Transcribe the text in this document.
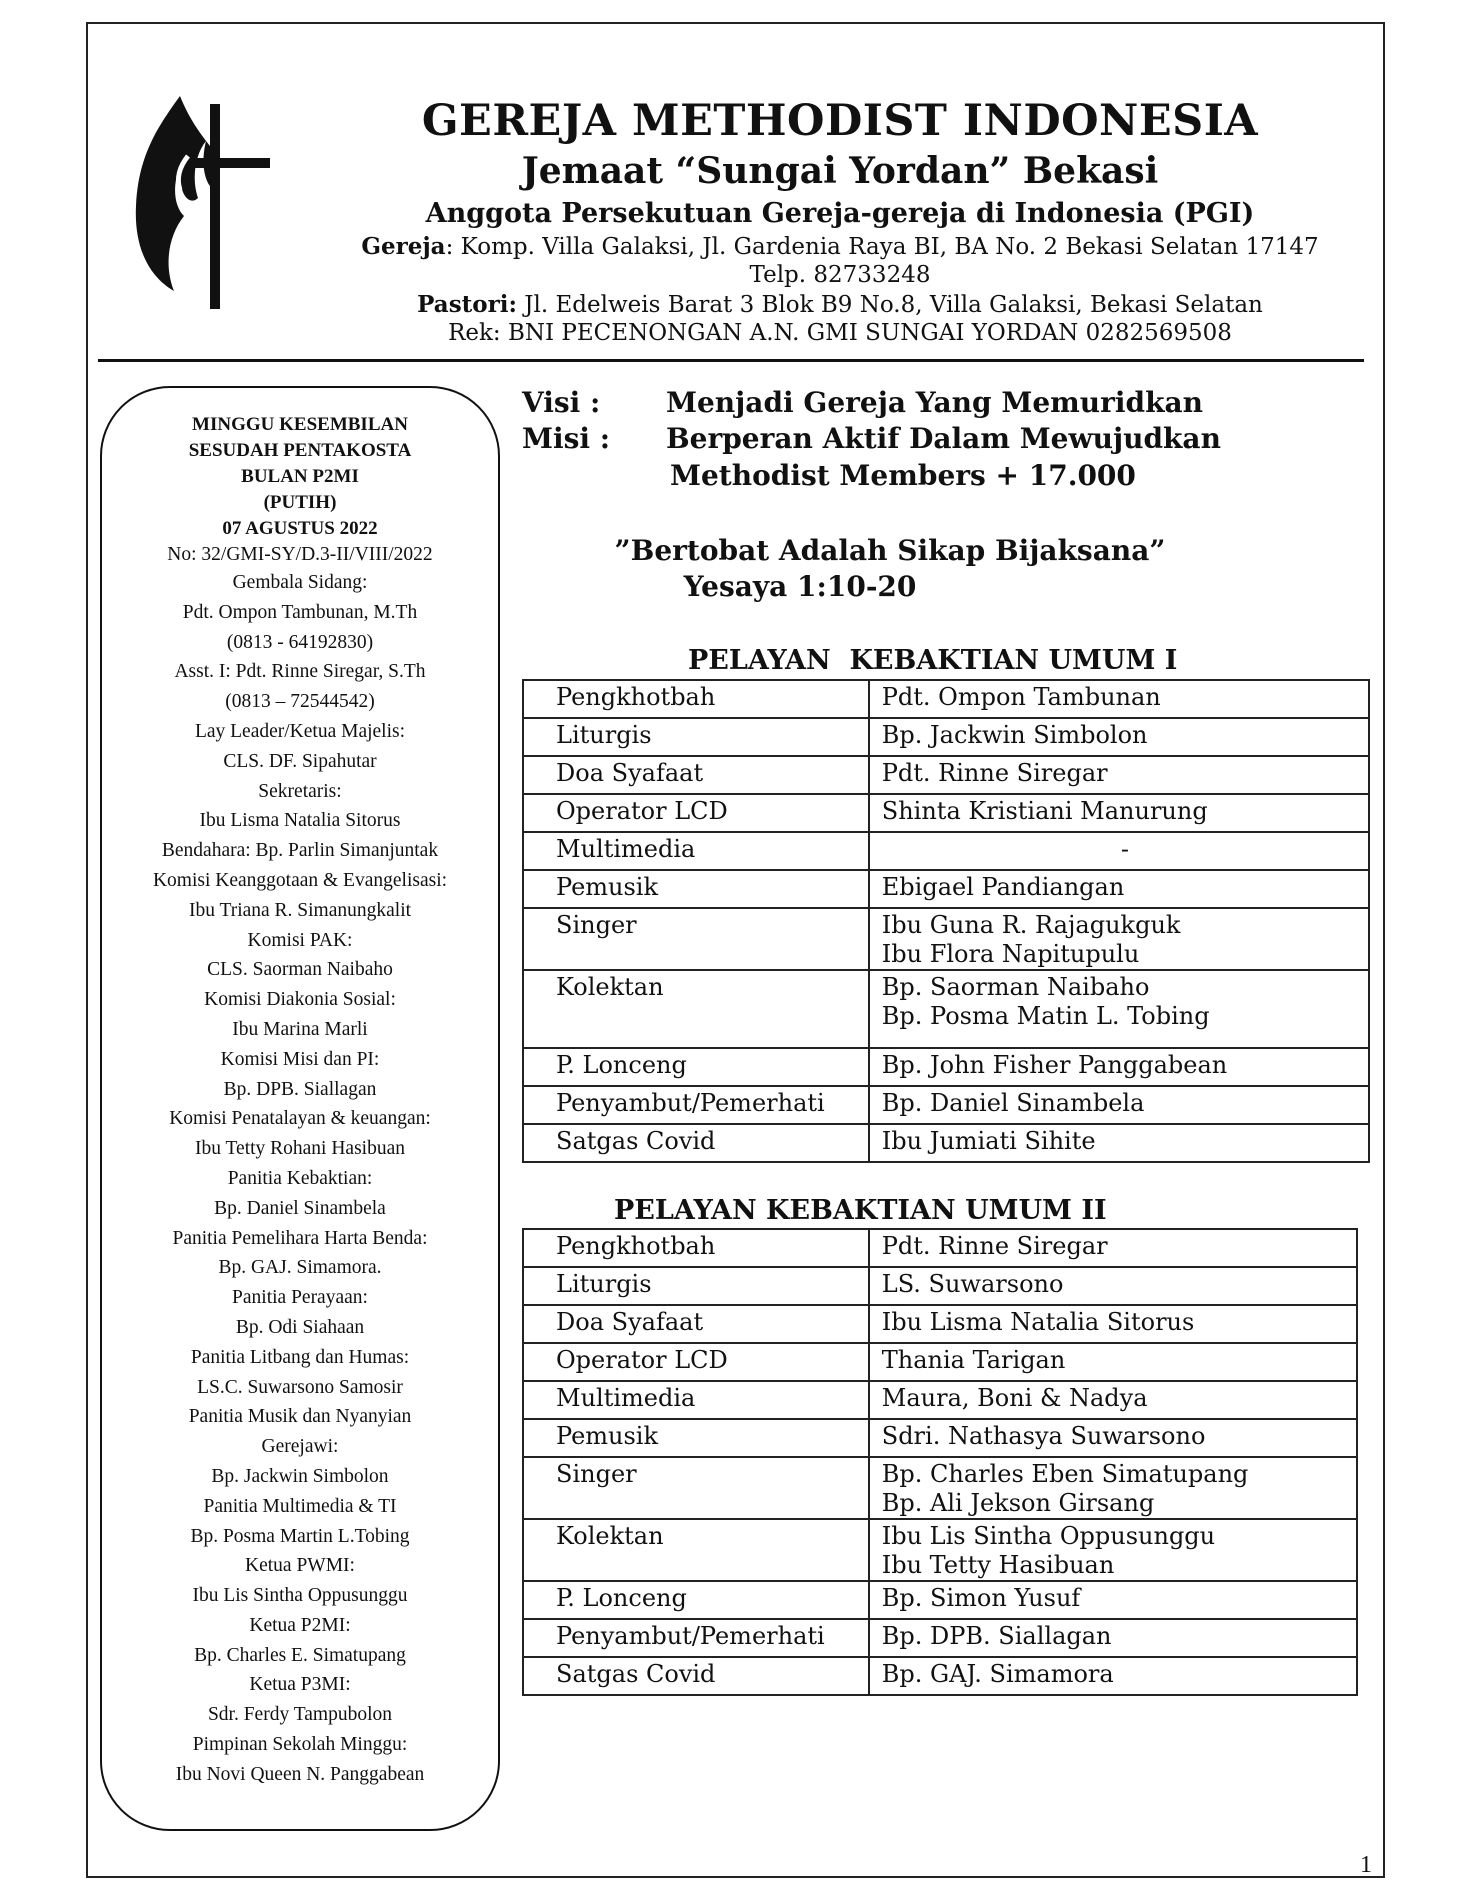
GEREJA METHODIST INDONESIA
Jemaat “Sungai Yordan” Bekasi
Anggota Persekutuan Gereja-gereja di Indonesia (PGI)
Gereja: Komp. Villa Galaksi, Jl. Gardenia Raya BI, BA No. 2 Bekasi Selatan 17147
Telp. 82733248
Pastori: Jl. Edelweis Barat 3 Blok B9 No.8, Villa Galaksi, Bekasi Selatan
Rek: BNI PECENONGAN A.N. GMI SUNGAI YORDAN 0282569508
MINGGU KESEMBILAN
SESUDAH PENTAKOSTA
BULAN P2MI
(PUTIH)
07 AGUSTUS 2022
No: 32/GMI-SY/D.3-II/VIII/2022
Gembala Sidang:
Pdt. Ompon Tambunan, M.Th
(0813 - 64192830)
Asst. I: Pdt. Rinne Siregar, S.Th
(0813 – 72544542)
Lay Leader/Ketua Majelis:
CLS. DF. Sipahutar
Sekretaris:
Ibu Lisma Natalia Sitorus
Bendahara: Bp. Parlin Simanjuntak
Komisi Keanggotaan & Evangelisasi:
Ibu Triana R. Simanungkalit
Komisi PAK:
CLS. Saorman Naibaho
Komisi Diakonia Sosial:
Ibu Marina Marli
Komisi Misi dan PI:
Bp. DPB. Siallagan
Komisi Penatalayan & keuangan:
Ibu Tetty Rohani Hasibuan
Panitia Kebaktian:
Bp. Daniel Sinambela
Panitia Pemelihara Harta Benda:
Bp. GAJ. Simamora.
Panitia Perayaan:
Bp. Odi Siahaan
Panitia Litbang dan Humas:
LS.C. Suwarsono Samosir
Panitia Musik dan Nyanyian
Gerejawi:
Bp. Jackwin Simbolon
Panitia Multimedia & TI
Bp. Posma Martin L.Tobing
Ketua PWMI:
Ibu Lis Sintha Oppusunggu
Ketua P2MI:
Bp. Charles E. Simatupang
Ketua P3MI:
Sdr. Ferdy Tampubolon
Pimpinan Sekolah Minggu:
Ibu Novi Queen N. Panggabean
Visi : Menjadi Gereja Yang Memuridkan
Misi : Berperan Aktif Dalam Mewujudkan
Methodist Members + 17.000
”Bertobat Adalah Sikap Bijaksana”
Yesaya 1:10-20
PELAYAN  KEBAKTIAN UMUM I
Pengkhotbah	Pdt. Ompon Tambunan

Liturgis	Bp. Jackwin Simbolon

Doa Syafaat	Pdt. Rinne Siregar

Operator LCD	Shinta Kristiani Manurung

Multimedia	-

Pemusik	Ebigael Pandiangan

Singer	Ibu Guna R. Rajagukguk
Ibu Flora Napitupulu

Kolektan	Bp. Saorman Naibaho
Bp. Posma Matin L. Tobing

P. Lonceng	Bp. John Fisher Panggabean

Penyambut/Pemerhati	Bp. Daniel Sinambela

Satgas Covid	Ibu Jumiati Sihite
PELAYAN KEBAKTIAN UMUM II
Pengkhotbah	Pdt. Rinne Siregar

Liturgis	LS. Suwarsono

Doa Syafaat	Ibu Lisma Natalia Sitorus

Operator LCD	Thania Tarigan

Multimedia	Maura, Boni & Nadya

Pemusik	Sdri. Nathasya Suwarsono

Singer	Bp. Charles Eben Simatupang
Bp. Ali Jekson Girsang

Kolektan	Ibu Lis Sintha Oppusunggu
Ibu Tetty Hasibuan

P. Lonceng	Bp. Simon Yusuf

Penyambut/Pemerhati	Bp. DPB. Siallagan

Satgas Covid	Bp. GAJ. Simamora
1
